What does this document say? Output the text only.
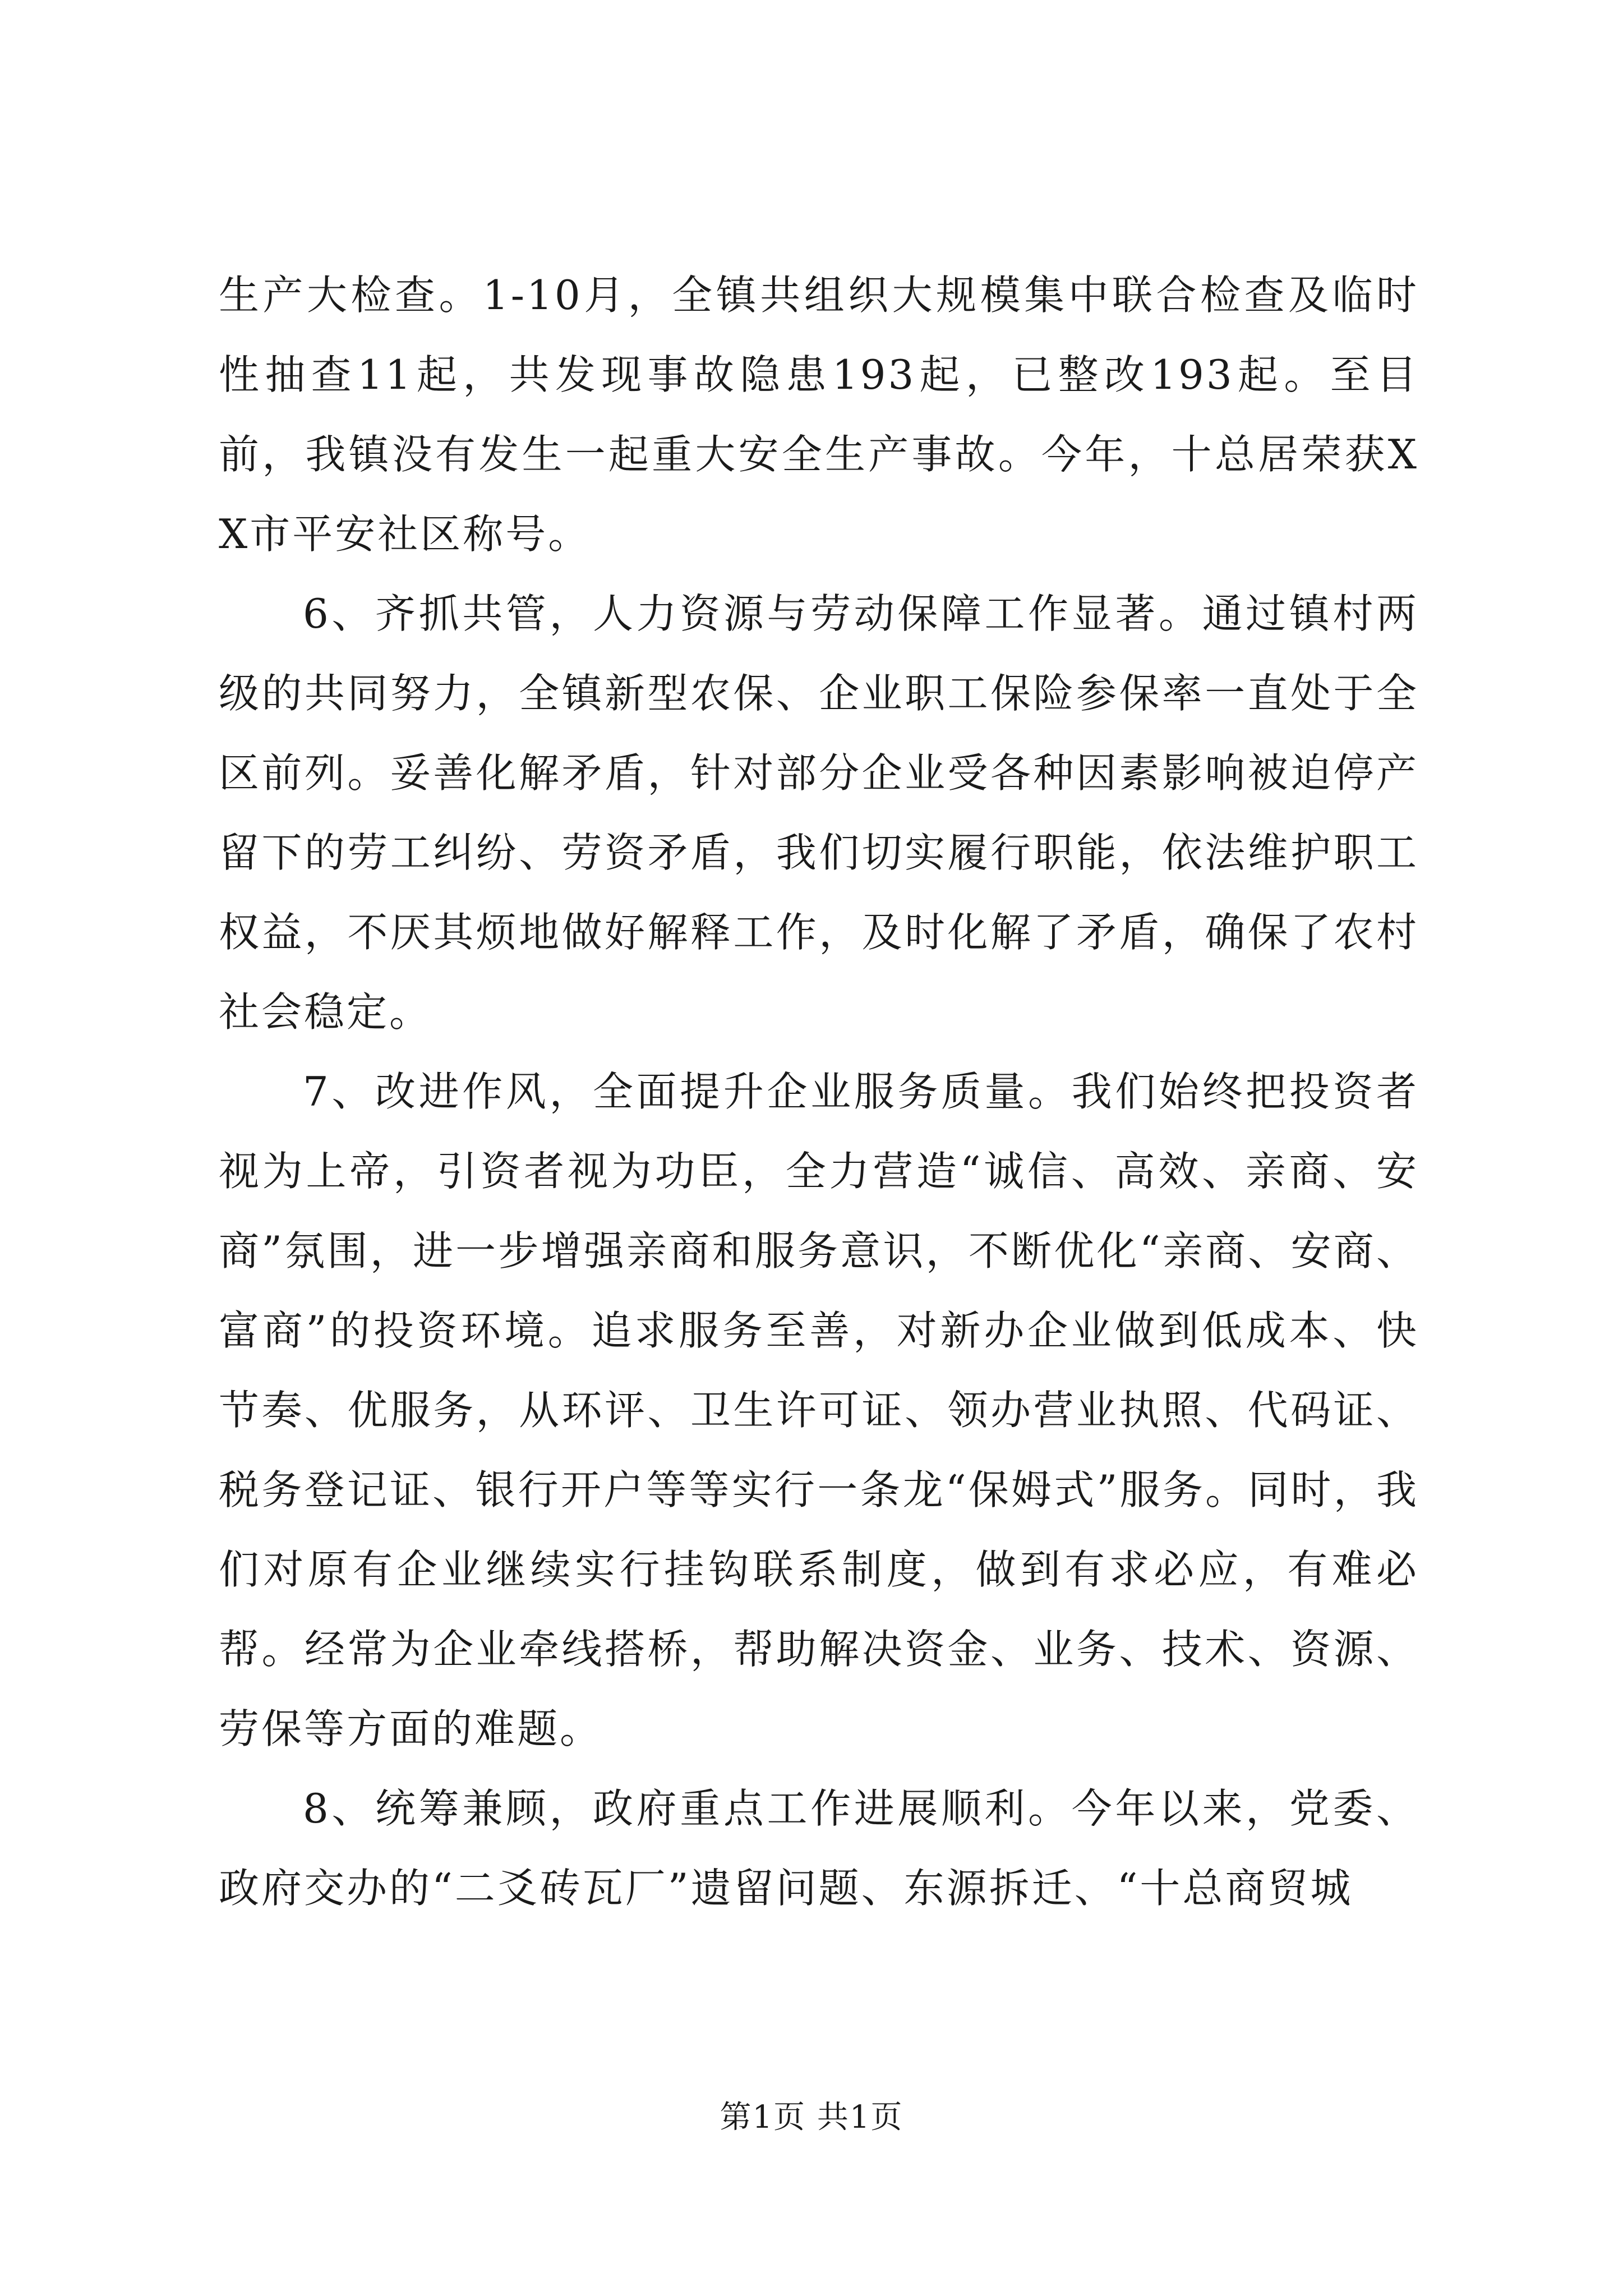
生产大检查。1-10月，全镇共组织大规模集中联合检查及临时性抽查11起，共发现事故隐患193起，已整改193起。至目前，我镇没有发生一起重大安全生产事故。今年，十总居荣获XX市平安社区称号。

6、齐抓共管，人力资源与劳动保障工作显著。通过镇村两级的共同努力，全镇新型农保、企业职工保险参保率一直处于全区前列。妥善化解矛盾，针对部分企业受各种因素影响被迫停产留下的劳工纠纷、劳资矛盾，我们切实履行职能，依法维护职工权益，不厌其烦地做好解释工作，及时化解了矛盾，确保了农村社会稳定。

7、改进作风，全面提升企业服务质量。我们始终把投资者视为上帝，引资者视为功臣，全力营造“诚信、高效、亲商、安商”氛围，进一步增强亲商和服务意识，不断优化“亲商、安商、富商”的投资环境。追求服务至善，对新办企业做到低成本、快节奏、优服务，从环评、卫生许可证、领办营业执照、代码证、税务登记证、银行开户等等实行一条龙“保姆式”服务。同时，我们对原有企业继续实行挂钩联系制度，做到有求必应，有难必帮。经常为企业牵线搭桥，帮助解决资金、业务、技术、资源、劳保等方面的难题。

8、统筹兼顾，政府重点工作进展顺利。今年以来，党委、政府交办的“二爻砖瓦厂”遗留问题、东源拆迁、“十总商贸城

第1页 共1页
